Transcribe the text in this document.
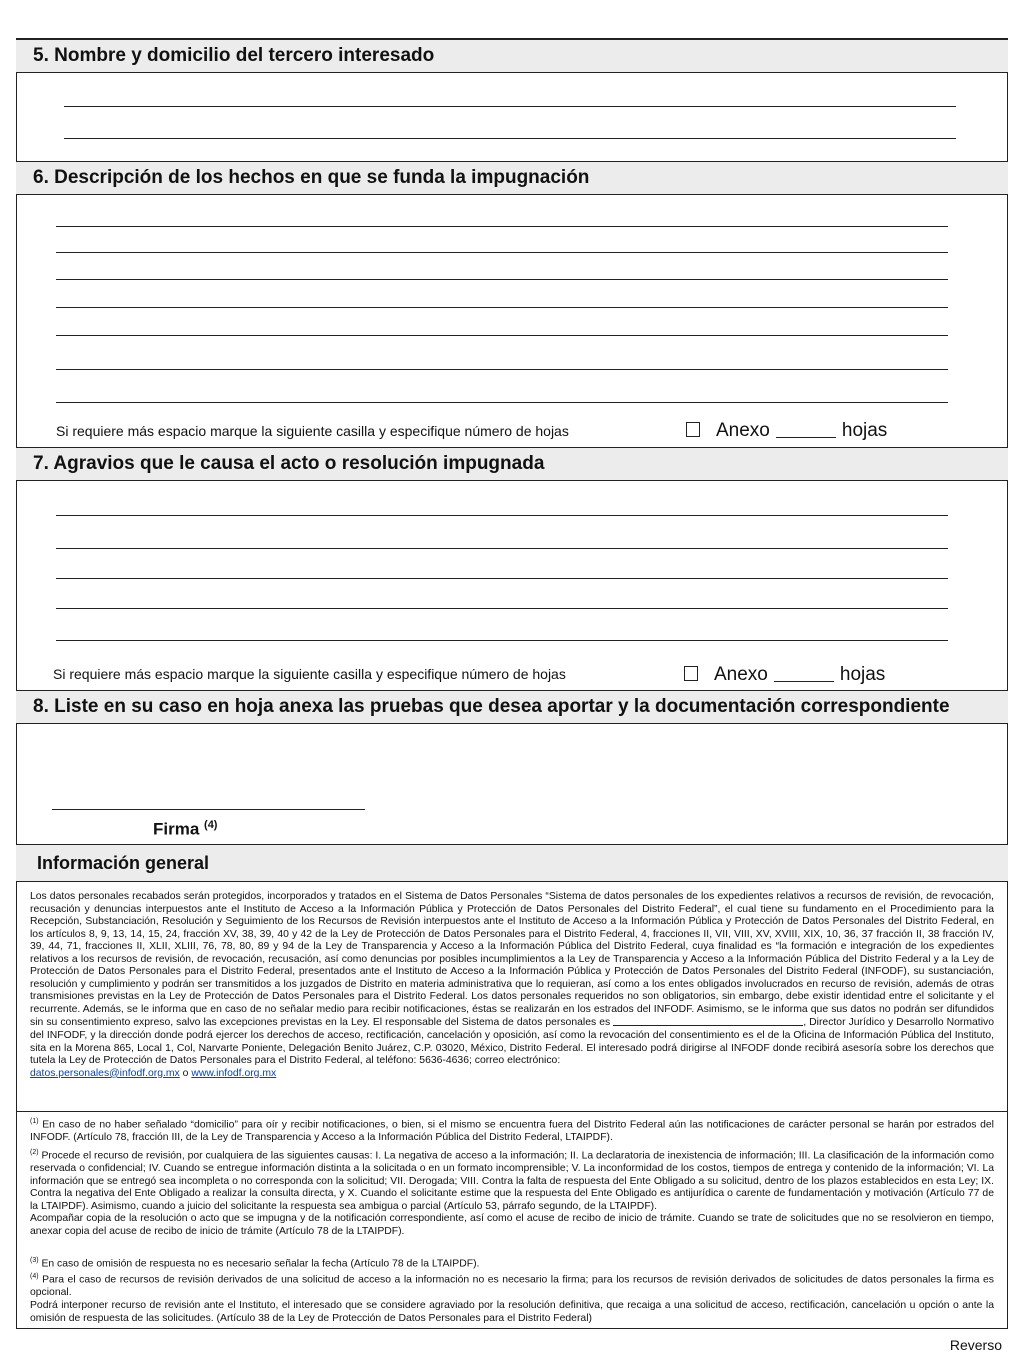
5. Nombre y domicilio del tercero interesado
6. Descripción de los hechos en que se funda la impugnación
Si requiere más espacio marque la siguiente casilla y especifique número de hojas	Anexo	hojas
7. Agravios que le causa el acto o resolución impugnada
Si requiere más espacio marque la siguiente casilla y especifique número de hojas	Anexo	hojas
8. Liste en su caso en hoja anexa las pruebas que desea aportar y la documentación correspondiente
Firma $^{(4)}$
Información general
Los datos personales recabados serán protegidos, incorporados y tratados en el Sistema de Datos Personales “Sistema de datos personales de los expedientes relativos a recursos de revisión, de revocación, recusación y denuncias interpuestos ante el Instituto de Acceso a la Información Pública y Protección de Datos Personales del Distrito Federal”, el cual tiene su fundamento en el Procedimiento para la Recepción, Substanciación, Resolución y Seguimiento de los Recursos de Revisión interpuestos ante el Instituto de Acceso a la Información Pública y Protección de Datos Personales del Distrito Federal, en los artículos 8, 9, 13, 14, 15, 24, fracción XV, 38, 39, 40 y 42 de la Ley de Protección de Datos Personales para el Distrito Federal, 4, fracciones II, VII, VIII, XV, XVIII, XIX, 10, 36, 37 fracción II, 38 fracción IV, 39, 44, 71, fracciones II, XLII, XLIII, 76, 78, 80, 89 y 94 de la Ley de Transparencia y Acceso a la Información Pública del Distrito Federal, cuya finalidad es “la formación e integración de los expedientes relativos a los recursos de revisión, de revocación, recusación, así como denuncias por posibles incumplimientos a la Ley de Transparencia y Acceso a la Información Pública del Distrito Federal y a la Ley de Protección de Datos Personales para el Distrito Federal, presentados ante el Instituto de Acceso a la Información Pública y Protección de Datos Personales del Distrito Federal (INFODF), su sustanciación, resolución y cumplimiento y podrán ser transmitidos a los juzgados de Distrito en materia administrativa que lo requieran, así como a los entes obligados involucrados en recurso de revisión, además de otras transmisiones previstas en la Ley de Protección de Datos Personales para el Distrito Federal. Los datos personales requeridos no son obligatorios, sin embargo, debe existir identidad entre el solicitante y el recurrente. Además, se le informa que en caso de no señalar medio para recibir notificaciones, éstas se realizarán en los estrados del INFODF. Asimismo, se le informa que sus datos no podrán ser difundidos sin su consentimiento expreso, salvo las excepciones previstas en la Ley. El responsable del Sistema de datos personales es	, Director Jurídico y Desarrollo Normativo del INFODF, y la dirección donde podrá ejercer los derechos de acceso, rectificación, cancelación y oposición, así como la revocación del consentimiento es el de la Oficina de Información Pública del Instituto, sita en la Morena 865, Local 1, Col, Narvarte Poniente, Delegación Benito Juárez, C.P. 03020, México, Distrito Federal. El interesado podrá dirigirse al INFODF donde recibirá asesoría sobre los derechos que tutela la Ley de Protección de Datos Personales para el Distrito Federal, al teléfono: 5636-4636; correo electrónico:
datos.personales@infodf.org.mx o www.infodf.org.mx
$^{(1)}$ En caso de no haber señalado “domicilio” para oír y recibir notificaciones, o bien, si el mismo se encuentra fuera del Distrito Federal aún las notificaciones de carácter personal se harán por estrados del INFODF. (Artículo 78, fracción III, de la Ley de Transparencia y Acceso a la Información Pública del Distrito Federal, LTAIPDF).
$^{(2)}$ Procede el recurso de revisión, por cualquiera de las siguientes causas: I. La negativa de acceso a la información; II. La declaratoria de inexistencia de información; III. La clasificación de la información como reservada o confidencial; IV. Cuando se entregue información distinta a la solicitada o en un formato incomprensible; V. La inconformidad de los costos, tiempos de entrega y contenido de la información; VI. La información que se entregó sea incompleta o no corresponda con la solicitud; VII. Derogada; VIII. Contra la falta de respuesta del Ente Obligado a su solicitud, dentro de los plazos establecidos en esta Ley; IX. Contra la negativa del Ente Obligado a realizar la consulta directa, y X. Cuando el solicitante estime que la respuesta del Ente Obligado es antijurídica o carente de fundamentación y motivación (Artículo 77 de la LTAIPDF). Asimismo, cuando a juicio del solicitante la respuesta sea ambigua o parcial (Artículo 53, párrafo segundo, de la LTAIPDF).
Acompañar copia de la resolución o acto que se impugna y de la notificación correspondiente, así como el acuse de recibo de inicio de trámite. Cuando se trate de solicitudes que no se resolvieron en tiempo, anexar copia del acuse de recibo de inicio de trámite (Artículo 78 de la LTAIPDF).
$^{(3)}$ En caso de omisión de respuesta no es necesario señalar la fecha (Artículo 78 de la LTAIPDF).
$^{(4)}$ Para el caso de recursos de revisión derivados de una solicitud de acceso a la información no es necesario la firma; para los recursos de revisión derivados de solicitudes de datos personales la firma es opcional.
Podrá interponer recurso de revisión ante el Instituto, el interesado que se considere agraviado por la resolución definitiva, que recaiga a una solicitud de acceso, rectificación, cancelación u opción o ante la omisión de respuesta de las solicitudes. (Artículo 38 de la Ley de Protección de Datos Personales para el Distrito Federal)
Reverso
